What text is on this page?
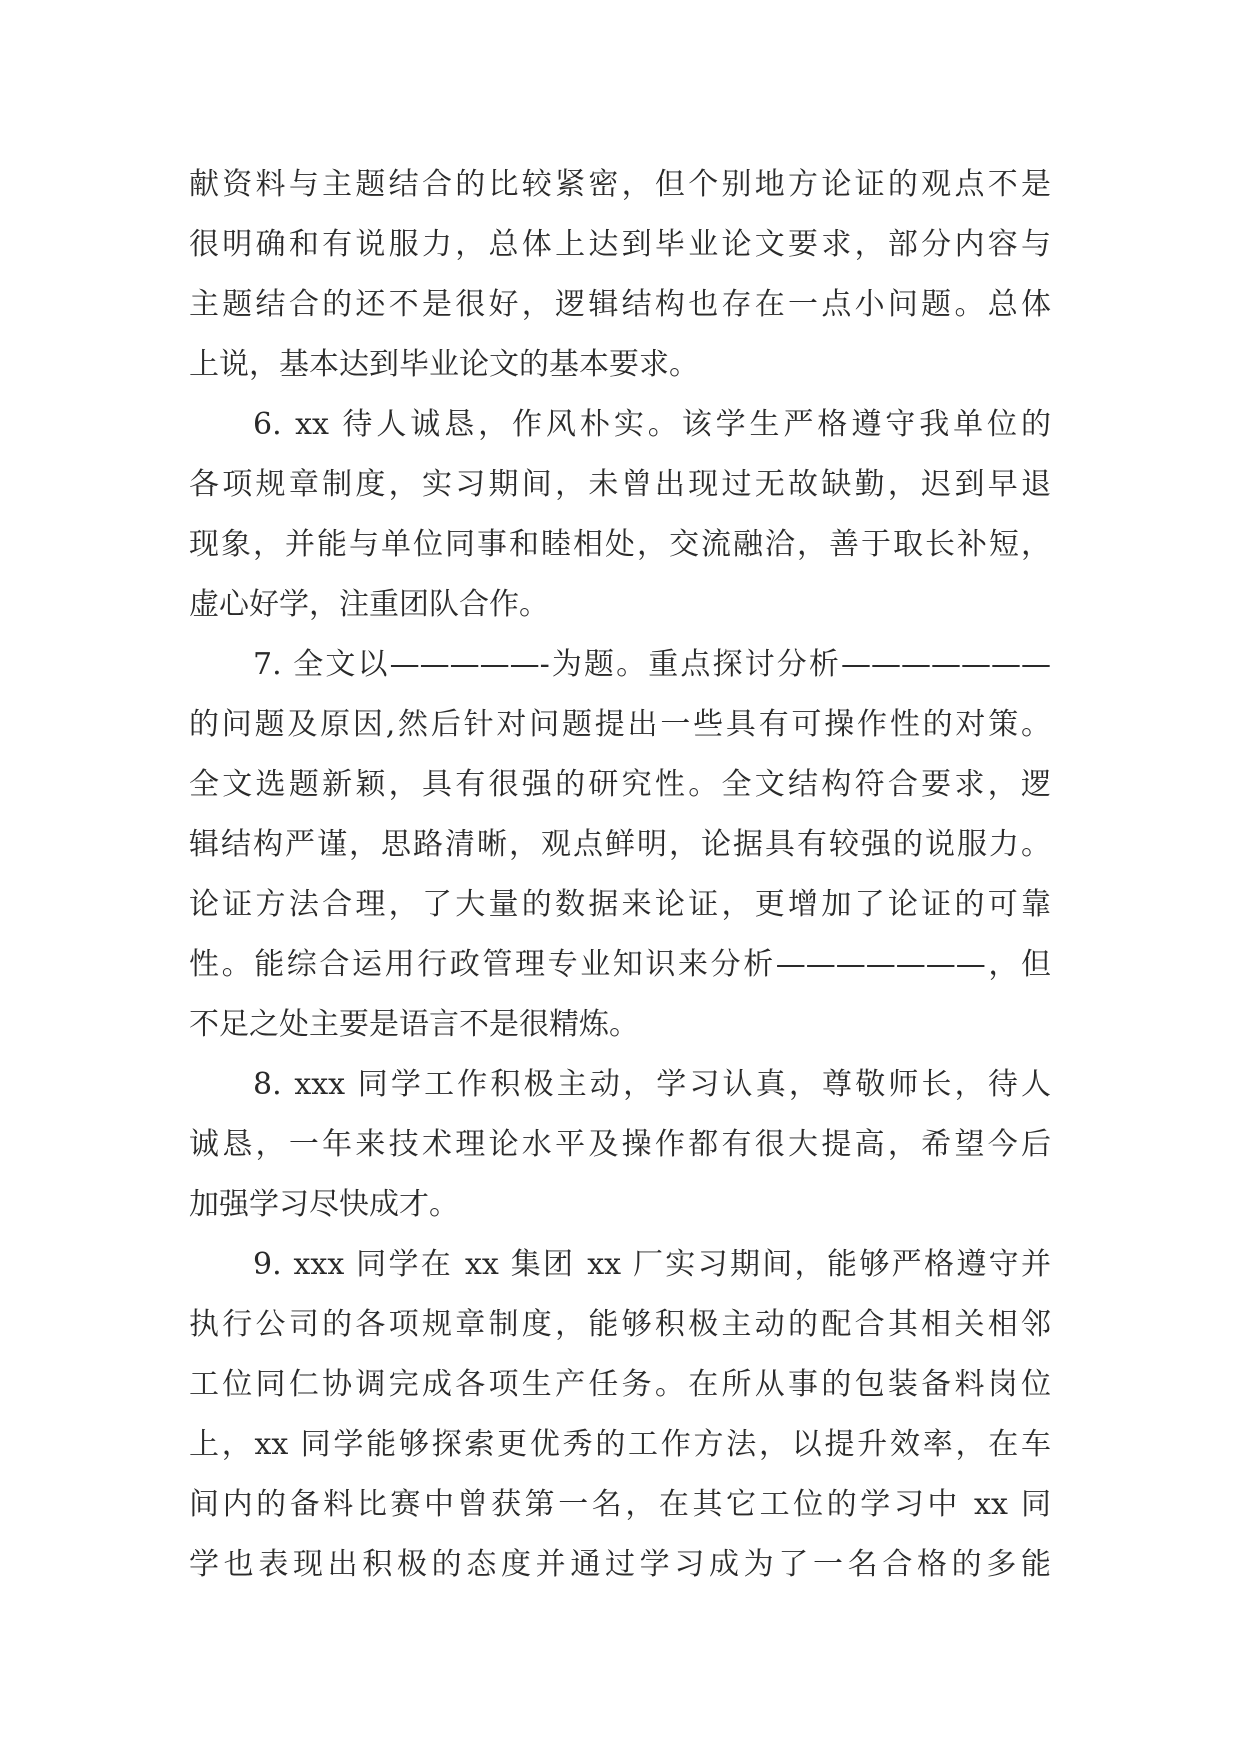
献资料与主题结合的比较紧密，但个别地方论证的观点不是
很明确和有说服力，总体上达到毕业论文要求，部分内容与
主题结合的还不是很好，逻辑结构也存在一点小问题。总体
上说，基本达到毕业论文的基本要求。
6. xx 待人诚恳，作风朴实。该学生严格遵守我单位的
各项规章制度，实习期间，未曾出现过无故缺勤，迟到早退
现象，并能与单位同事和睦相处，交流融洽，善于取长补短，
虚心好学，注重团队合作。
7. 全文以—————-为题。重点探讨分析———————
的问题及原因,然后针对问题提出一些具有可操作性的对策。
全文选题新颖，具有很强的研究性。全文结构符合要求，逻
辑结构严谨，思路清晰，观点鲜明，论据具有较强的说服力。
论证方法合理，了大量的数据来论证，更增加了论证的可靠
性。能综合运用行政管理专业知识来分析———————，但
不足之处主要是语言不是很精炼。
8. xxx 同学工作积极主动，学习认真，尊敬师长，待人
诚恳，一年来技术理论水平及操作都有很大提高，希望今后
加强学习尽快成才。
9. xxx 同学在 xx 集团 xx 厂实习期间，能够严格遵守并
执行公司的各项规章制度，能够积极主动的配合其相关相邻
工位同仁协调完成各项生产任务。在所从事的包装备料岗位
上，xx 同学能够探索更优秀的工作方法，以提升效率，在车
间内的备料比赛中曾获第一名，在其它工位的学习中 xx 同
学也表现出积极的态度并通过学习成为了一名合格的多能
